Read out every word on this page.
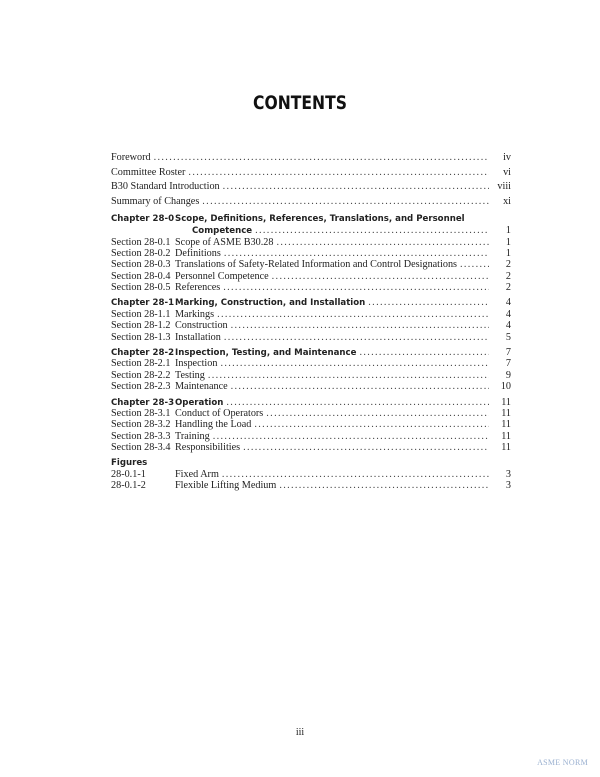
CONTENTS
Foreword . . .	iv
Committee Roster . . .	vi
B30 Standard Introduction . . .	viii
Summary of Changes . . .	xi
Chapter 28-0 Scope, Definitions, References, Translations, and Personnel
Competence . . .	1
Section 28-0.1 Scope of ASME B30.28 . . .	1
Section 28-0.2 Definitions . . .	1
Section 28-0.3 Translations of Safety-Related Information and Control Designations . . .	2
Section 28-0.4 Personnel Competence . . .	2
Section 28-0.5 References . . .	2
Chapter 28-1 Marking, Construction, and Installation . . .	4
Section 28-1.1 Markings . . .	4
Section 28-1.2 Construction . . .	4
Section 28-1.3 Installation . . .	5
Chapter 28-2 Inspection, Testing, and Maintenance . . .	7
Section 28-2.1 Inspection . . .	7
Section 28-2.2 Testing . . .	9
Section 28-2.3 Maintenance . . .	10
Chapter 28-3 Operation . . .	11
Section 28-3.1 Conduct of Operators . . .	11
Section 28-3.2 Handling the Load . . .	11
Section 28-3.3 Training . . .	11
Section 28-3.4 Responsibilities . . .	11
Figures
28-0.1-1	Fixed Arm . . .	3
28-0.1-2	Flexible Lifting Medium . . .	3
iii
ASME NORM
